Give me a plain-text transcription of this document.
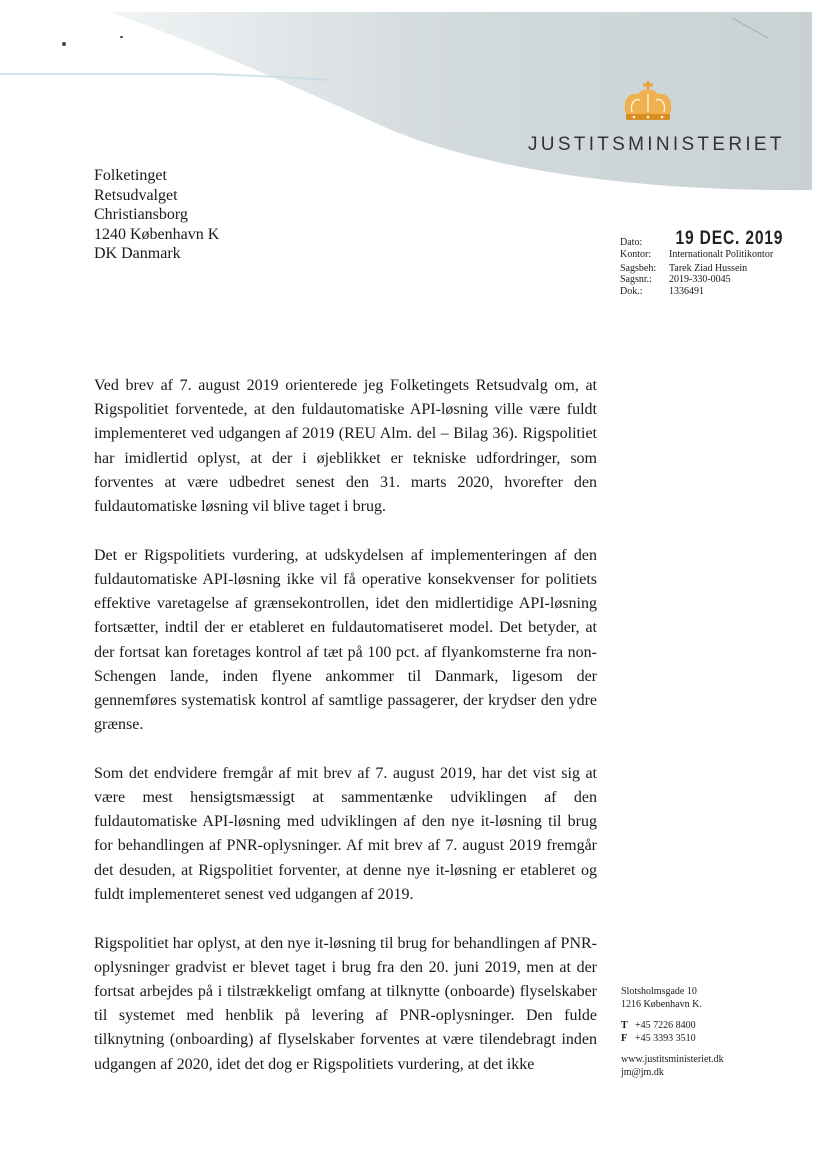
JUSTITSMINISTERIET
Folketinget
Retsudvalget
Christiansborg
1240 København K
DK Danmark
Dato:	19 DEC. 2019
Kontor:	Internationalt Politikontor
Sagsbeh:	Tarek Ziad Hussein
Sagsnr.:	2019-330-0045
Dok.:	1336491

Ved brev af 7. august 2019 orienterede jeg Folketingets Retsudvalg om, at Rigspolitiet forventede, at den fuldautomatiske API-løsning ville være fuldt implementeret ved udgangen af 2019 (REU Alm. del – Bilag 36). Rigspolitiet har imidlertid oplyst, at der i øjeblikket er tekniske udfordringer, som forventes at være udbedret senest den 31. marts 2020, hvorefter den fuldautomatiske løsning vil blive taget i brug.

Det er Rigspolitiets vurdering, at udskydelsen af implementeringen af den fuldautomatiske API-løsning ikke vil få operative konsekvenser for politiets effektive varetagelse af grænsekontrollen, idet den midlertidige API-løsning fortsætter, indtil der er etableret en fuldautomatiseret model. Det betyder, at der fortsat kan foretages kontrol af tæt på 100 pct. af flyankomsterne fra non-Schengen lande, inden flyene ankommer til Danmark, ligesom der gennemføres systematisk kontrol af samtlige passagerer, der krydser den ydre grænse.

Som det endvidere fremgår af mit brev af 7. august 2019, har det vist sig at være mest hensigtsmæssigt at sammentænke udviklingen af den fuldautomatiske API-løsning med udviklingen af den nye it-løsning til brug for behandlingen af PNR-oplysninger. Af mit brev af 7. august 2019 fremgår det desuden, at Rigspolitiet forventer, at denne nye it-løsning er etableret og fuldt implementeret senest ved udgangen af 2019.

Rigspolitiet har oplyst, at den nye it-løsning til brug for behandlingen af PNR-oplysninger gradvist er blevet taget i brug fra den 20. juni 2019, men at der fortsat arbejdes på i tilstrækkeligt omfang at tilknytte (onboarde) flyselskaber til systemet med henblik på levering af PNR-oplysninger. Den fulde tilknytning (onboarding) af flyselskaber forventes at være tilendebragt inden udgangen af 2020, idet det dog er Rigspolitiets vurdering, at det ikke

Slotsholmsgade 10
1216 København K.
T +45 7226 8400
F +45 3393 3510
www.justitsministeriet.dk
jm@jm.dk
